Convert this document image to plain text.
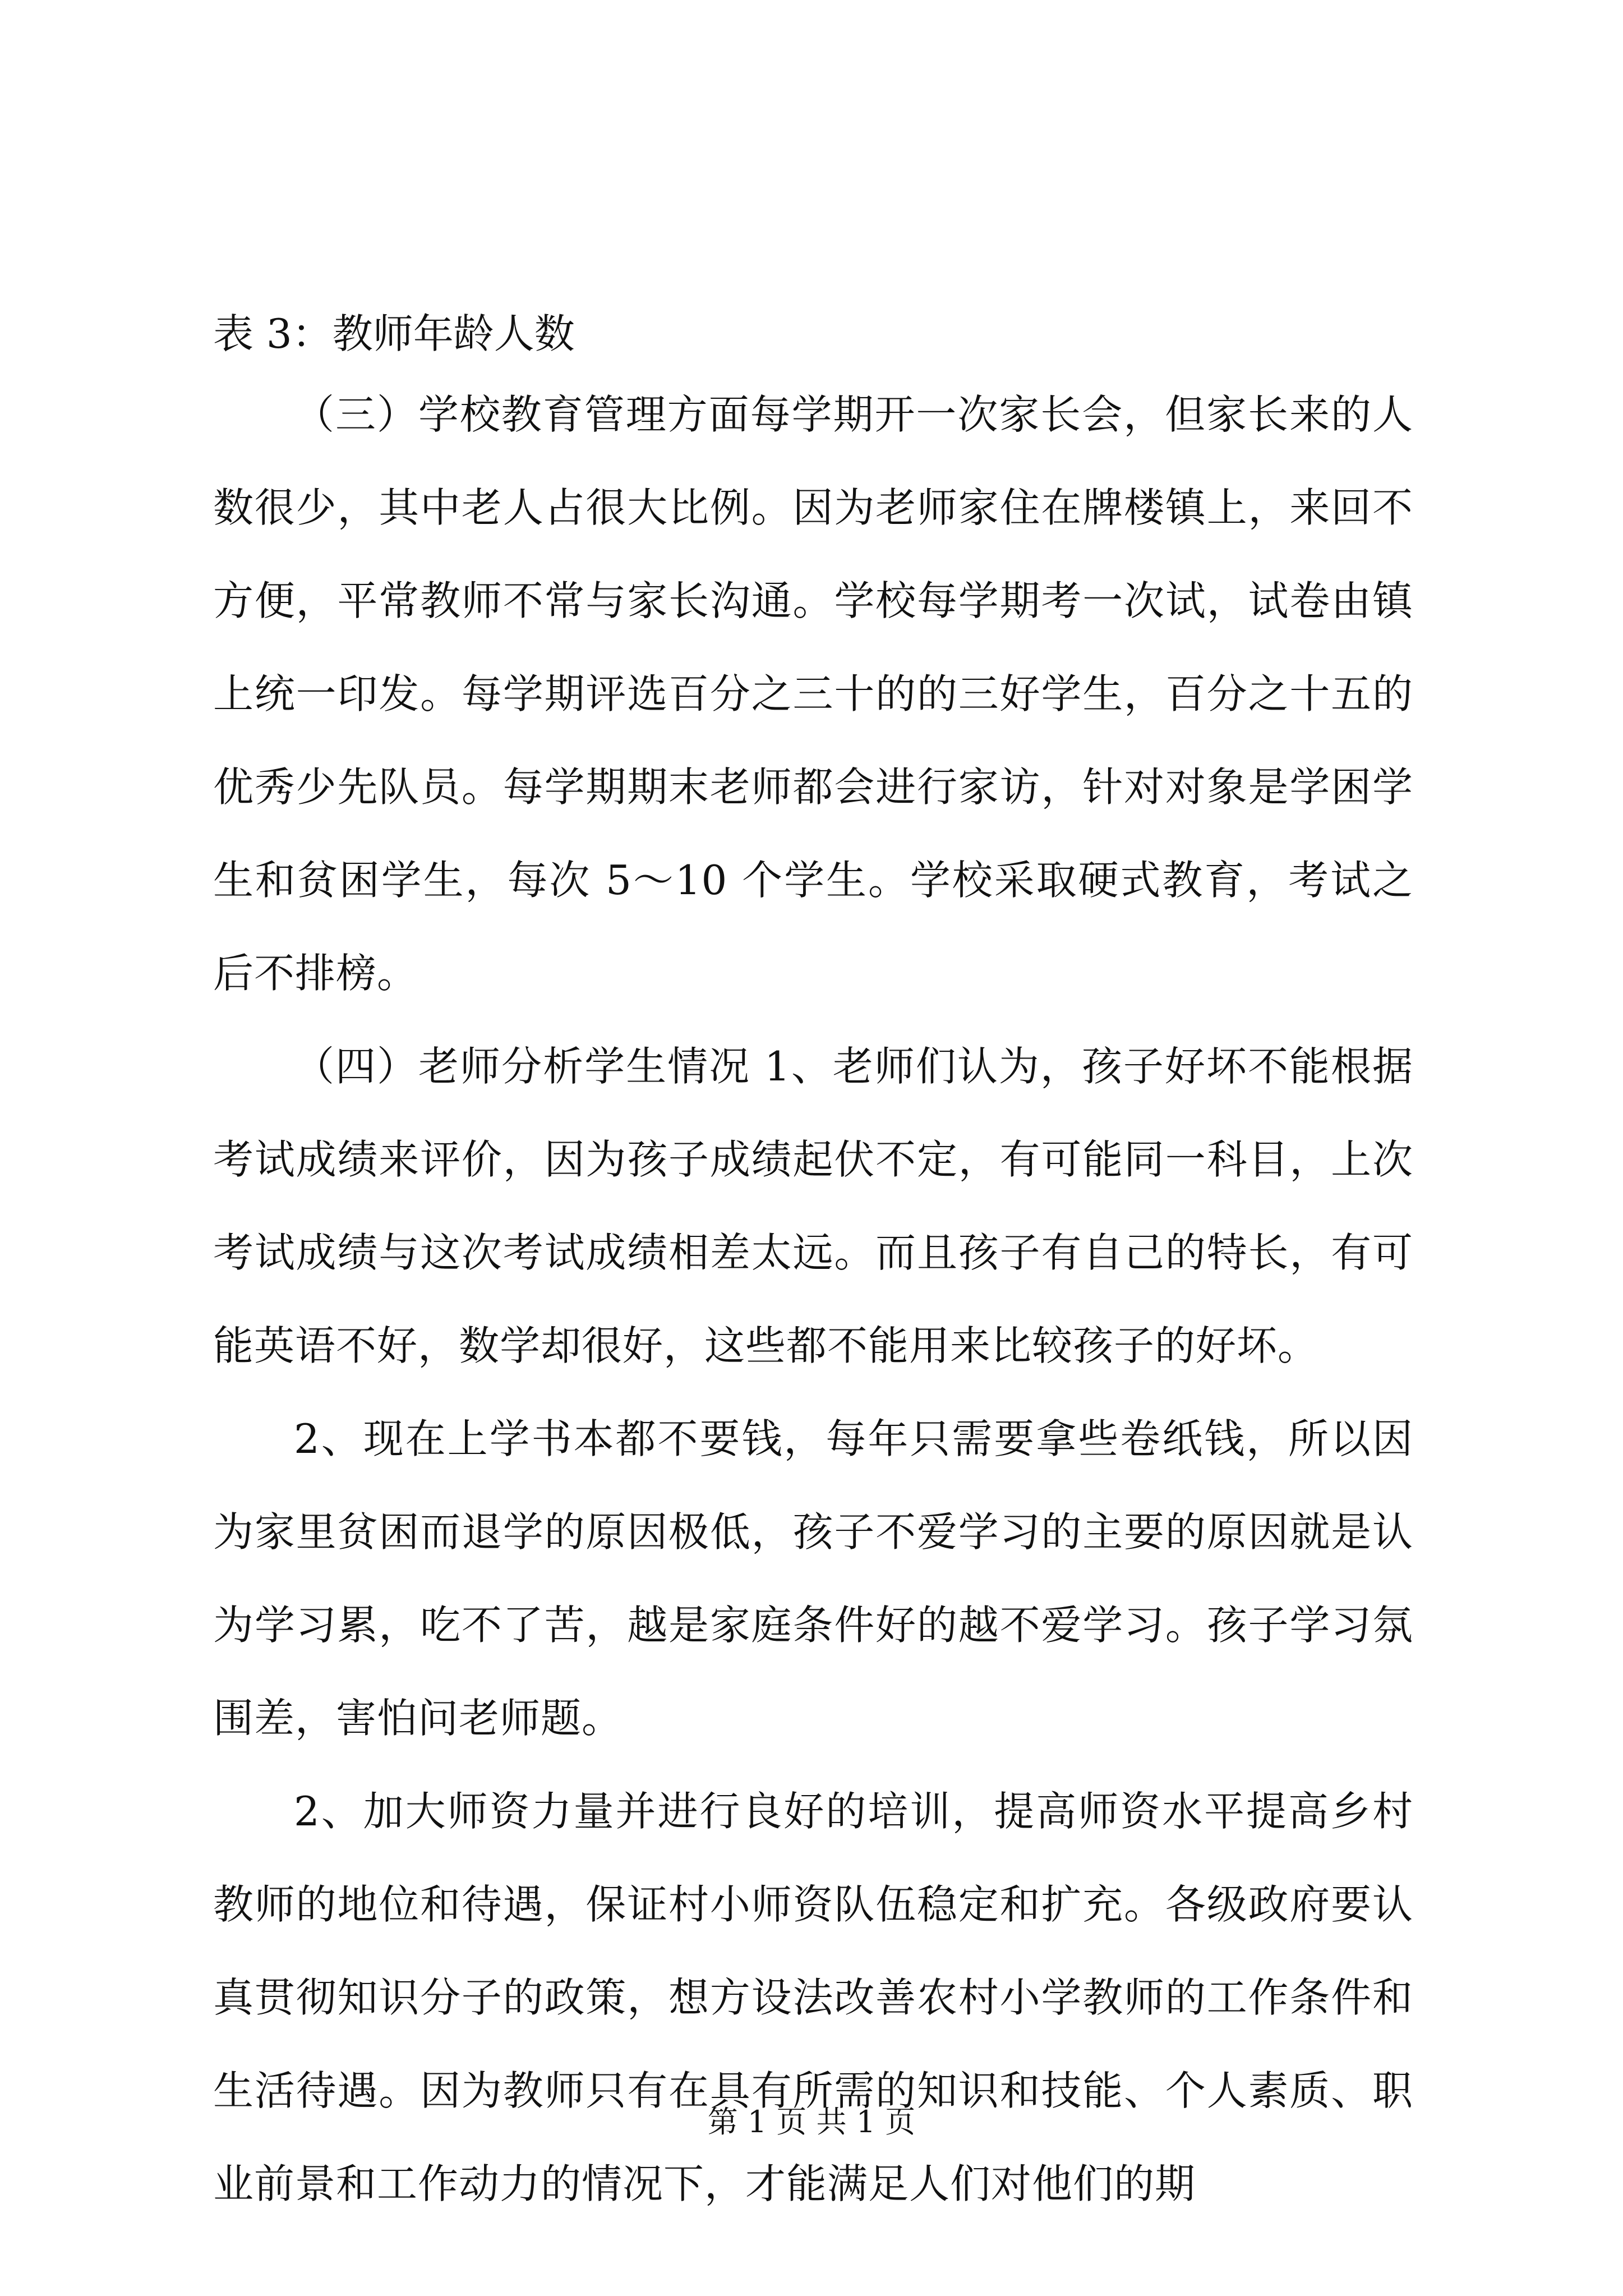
表 3：教师年龄人数

（三）学校教育管理方面每学期开一次家长会，但家长来的人数很少，其中老人占很大比例。因为老师家住在牌楼镇上，来回不方便，平常教师不常与家长沟通。学校每学期考一次试，试卷由镇上统一印发。每学期评选百分之三十的的三好学生，百分之十五的优秀少先队员。每学期期末老师都会进行家访，针对对象是学困学生和贫困学生，每次 5～10 个学生。学校采取硬式教育，考试之后不排榜。

（四）老师分析学生情况 1、老师们认为，孩子好坏不能根据考试成绩来评价，因为孩子成绩起伏不定，有可能同一科目，上次考试成绩与这次考试成绩相差太远。而且孩子有自己的特长，有可能英语不好，数学却很好，这些都不能用来比较孩子的好坏。

2、现在上学书本都不要钱，每年只需要拿些卷纸钱，所以因为家里贫困而退学的原因极低，孩子不爱学习的主要的原因就是认为学习累，吃不了苦，越是家庭条件好的越不爱学习。孩子学习氛围差，害怕问老师题。

2、加大师资力量并进行良好的培训，提高师资水平提高乡村教师的地位和待遇，保证村小师资队伍稳定和扩充。各级政府要认真贯彻知识分子的政策，想方设法改善农村小学教师的工作条件和生活待遇。因为教师只有在具有所需的知识和技能、个人素质、职业前景和工作动力的情况下，才能满足人们对他们的期

第 1 页 共 1 页
